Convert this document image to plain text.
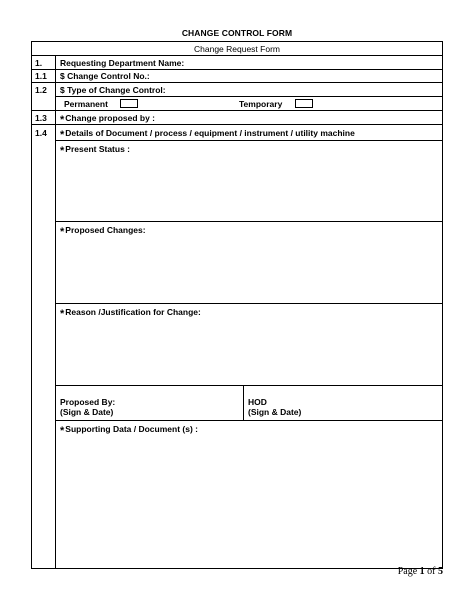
CHANGE CONTROL FORM
Change Request Form
1. Requesting Department Name:
1.1 $ Change Control No.:
1.2 $ Type of Change Control:
Permanent	Temporary
1.3 *Change proposed by :
1.4 *Details of Document / process / equipment / instrument / utility machine
*Present Status :
*Proposed Changes:
*Reason /Justification for Change:
Proposed By:
(Sign & Date)
HOD
(Sign & Date)
*Supporting Data / Document (s) :
Page 1 of 5
